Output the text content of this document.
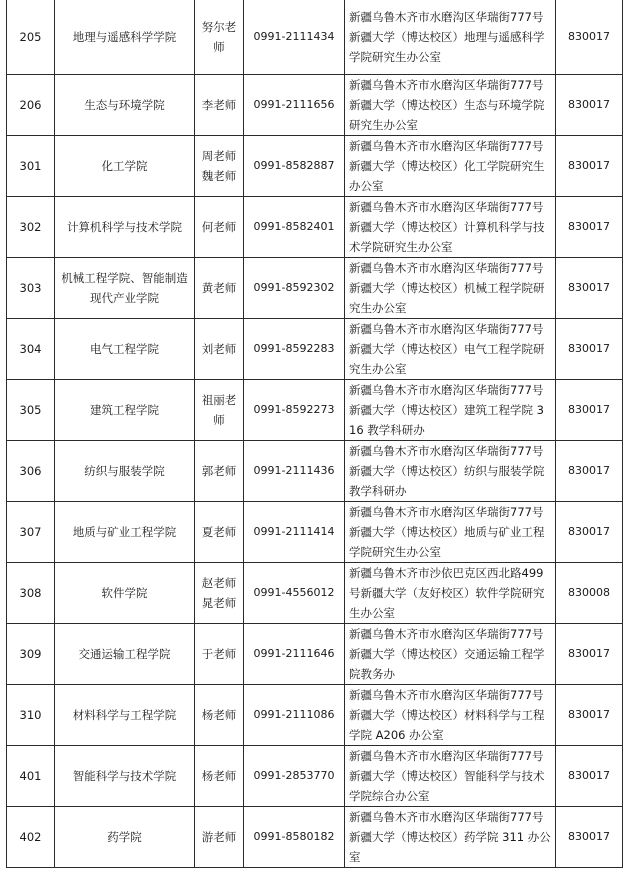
205	地理与遥感科学学院	努尔老师	0991-2111434	新疆乌鲁木齐市水磨沟区华瑞街777号新疆大学（博达校区）地理与遥感科学学院研究生办公室	830017
206	生态与环境学院	李老师	0991-2111656	新疆乌鲁木齐市水磨沟区华瑞街777号新疆大学（博达校区）生态与环境学院研究生办公室	830017
301	化工学院	周老师 魏老师	0991-8582887	新疆乌鲁木齐市水磨沟区华瑞街777号新疆大学（博达校区）化工学院研究生办公室	830017
302	计算机科学与技术学院	何老师	0991-8582401	新疆乌鲁木齐市水磨沟区华瑞街777号新疆大学（博达校区）计算机科学与技术学院研究生办公室	830017
303	机械工程学院、智能制造现代产业学院	黄老师	0991-8592302	新疆乌鲁木齐市水磨沟区华瑞街777号新疆大学（博达校区）机械工程学院研究生办公室	830017
304	电气工程学院	刘老师	0991-8592283	新疆乌鲁木齐市水磨沟区华瑞街777号新疆大学（博达校区）电气工程学院研究生办公室	830017
305	建筑工程学院	祖丽老师	0991-8592273	新疆乌鲁木齐市水磨沟区华瑞街777号新疆大学（博达校区）建筑工程学院 316 教学科研办	830017
306	纺织与服装学院	郭老师	0991-2111436	新疆乌鲁木齐市水磨沟区华瑞街777号新疆大学（博达校区）纺织与服装学院教学科研办	830017
307	地质与矿业工程学院	夏老师	0991-2111414	新疆乌鲁木齐市水磨沟区华瑞街777号新疆大学（博达校区）地质与矿业工程学院研究生办公室	830017
308	软件学院	赵老师 晁老师	0991-4556012	新疆乌鲁木齐市沙依巴克区西北路499号新疆大学（友好校区）软件学院研究生办公室	830008
309	交通运输工程学院	于老师	0991-2111646	新疆乌鲁木齐市水磨沟区华瑞街777号新疆大学（博达校区）交通运输工程学院教务办	830017
310	材料科学与工程学院	杨老师	0991-2111086	新疆乌鲁木齐市水磨沟区华瑞街777号新疆大学（博达校区）材料科学与工程学院 A206 办公室	830017
401	智能科学与技术学院	杨老师	0991-2853770	新疆乌鲁木齐市水磨沟区华瑞街777号新疆大学（博达校区）智能科学与技术学院综合办公室	830017
402	药学院	游老师	0991-8580182	新疆乌鲁木齐市水磨沟区华瑞街777号新疆大学（博达校区）药学院 311 办公室	830017
